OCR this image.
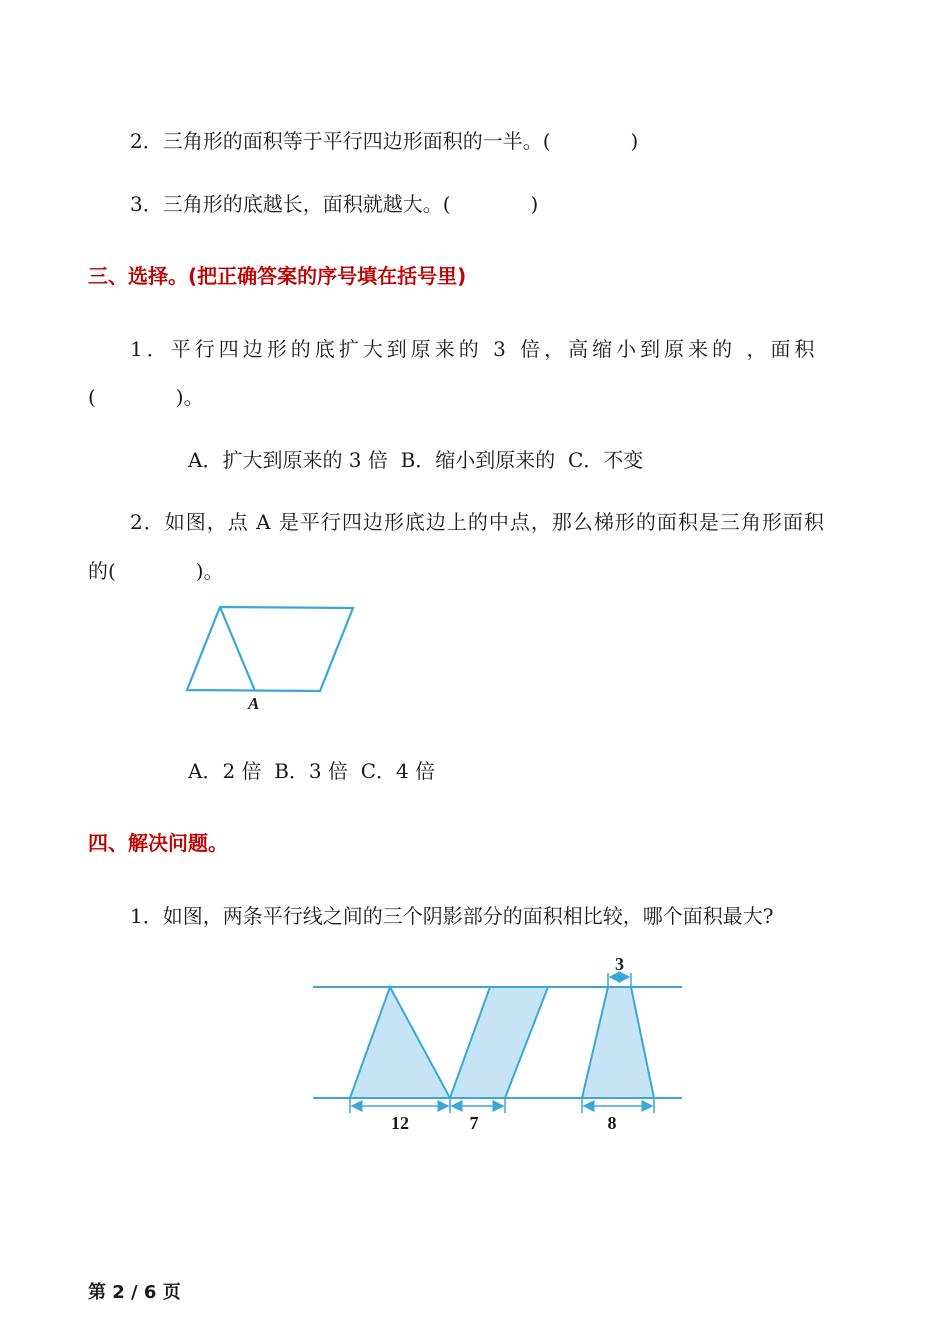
2．三角形的面积等于平行四边形面积的一半。(　　　　)
3．三角形的底越长，面积就越大。(　　　　)
三、选择。(把正确答案的序号填在括号里)
1．平行四边形的底扩大到原来的 3 倍，高缩小到原来的 ，面积
(　　　　)。
A．扩大到原来的 3 倍  B．缩小到原来的  C．不变
2．如图，点 A 是平行四边形底边上的中点，那么梯形的面积是三角形面积
的(　　　　)。
A
A．2 倍  B．3 倍  C．4 倍
四、解决问题。
1．如图，两条平行线之间的三个阴影部分的面积相比较，哪个面积最大?
3
12	7	8
第 2 / 6 页
